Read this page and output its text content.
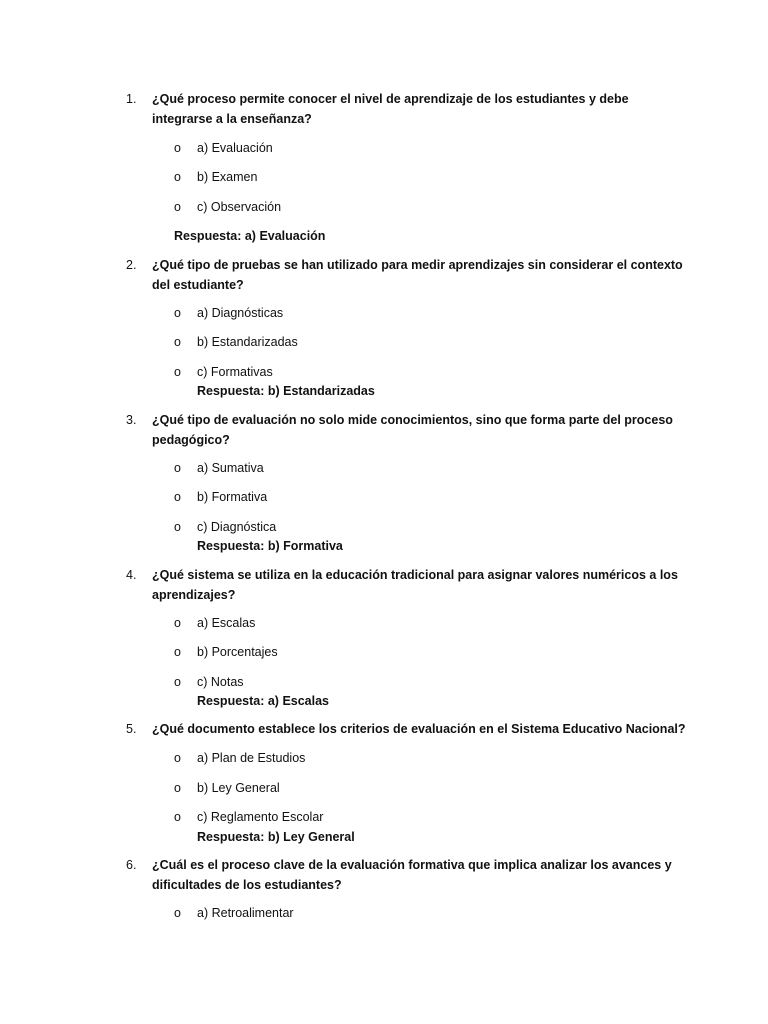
1. ¿Qué proceso permite conocer el nivel de aprendizaje de los estudiantes y debe integrarse a la enseñanza?
o a) Evaluación
o b) Examen
o c) Observación
Respuesta: a) Evaluación
2. ¿Qué tipo de pruebas se han utilizado para medir aprendizajes sin considerar el contexto del estudiante?
o a) Diagnósticas
o b) Estandarizadas
o c) Formativas
Respuesta: b) Estandarizadas
3. ¿Qué tipo de evaluación no solo mide conocimientos, sino que forma parte del proceso pedagógico?
o a) Sumativa
o b) Formativa
o c) Diagnóstica
Respuesta: b) Formativa
4. ¿Qué sistema se utiliza en la educación tradicional para asignar valores numéricos a los aprendizajes?
o a) Escalas
o b) Porcentajes
o c) Notas
Respuesta: a) Escalas
5. ¿Qué documento establece los criterios de evaluación en el Sistema Educativo Nacional?
o a) Plan de Estudios
o b) Ley General
o c) Reglamento Escolar
Respuesta: b) Ley General
6. ¿Cuál es el proceso clave de la evaluación formativa que implica analizar los avances y dificultades de los estudiantes?
o a) Retroalimentar
